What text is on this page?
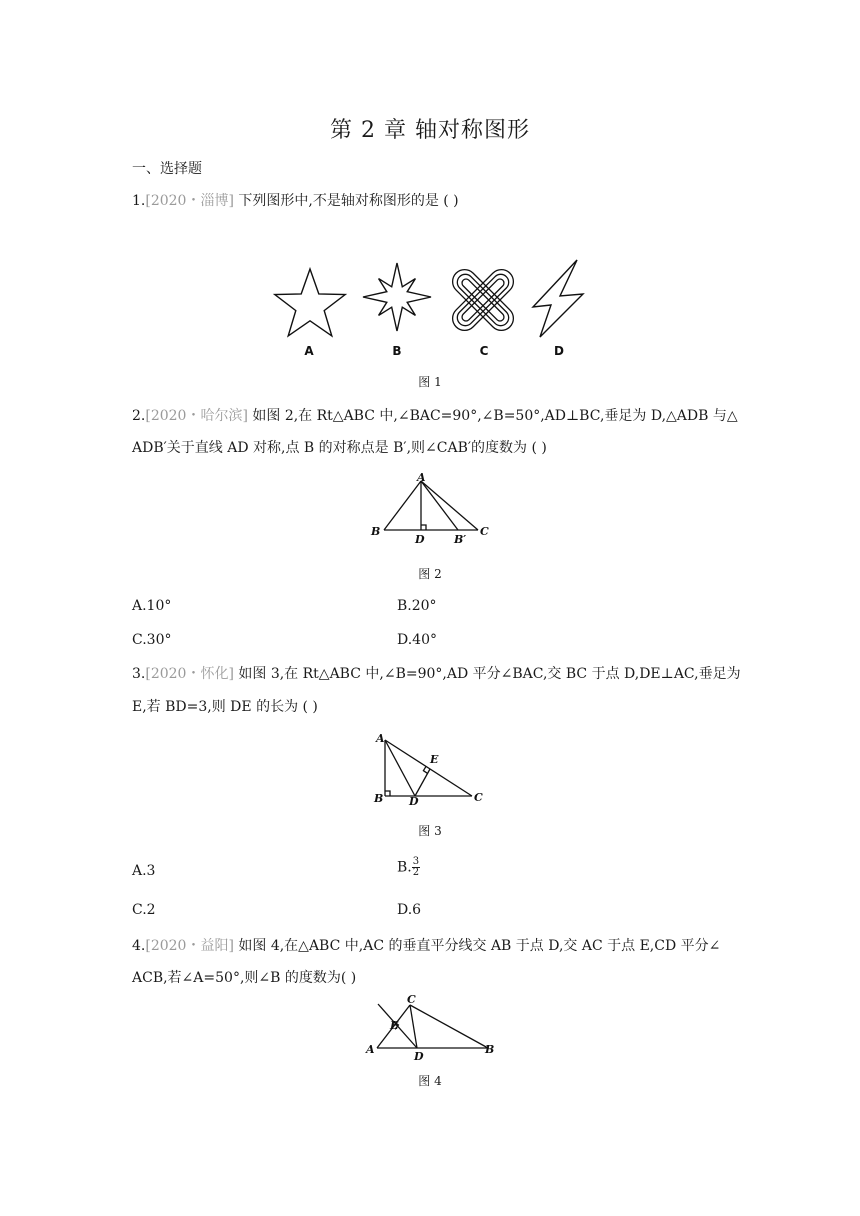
第 2 章 轴对称图形
一、选择题
1.[2020・淄博] 下列图形中,不是轴对称图形的是 ( )
A	B	C	D
图 1
2.[2020・哈尔滨] 如图 2,在 Rt△ABC 中,∠BAC=90°,∠B=50°,AD⊥BC,垂足为 D,△ADB 与△
ADB′关于直线 AD 对称,点 B 的对称点是 B′,则∠CAB′的度数为 ( )
A
B
D	B′
C
图 2
A.10°	B.20°
C.30°	D.40°
3.[2020・怀化] 如图 3,在 Rt△ABC 中,∠B=90°,AD 平分∠BAC,交 BC 于点 D,DE⊥AC,垂足为
E,若 BD=3,则 DE 的长为 ( )
A
E
B D	C
图 3
A.3	B. $\frac{3}{2}$
C.2	D.6
4.[2020・益阳] 如图 4,在△ABC 中,AC 的垂直平分线交 AB 于点 D,交 AC 于点 E,CD 平分∠
ACB,若∠A=50°,则∠B 的度数为( )
C
E
A
D
B
图 4
